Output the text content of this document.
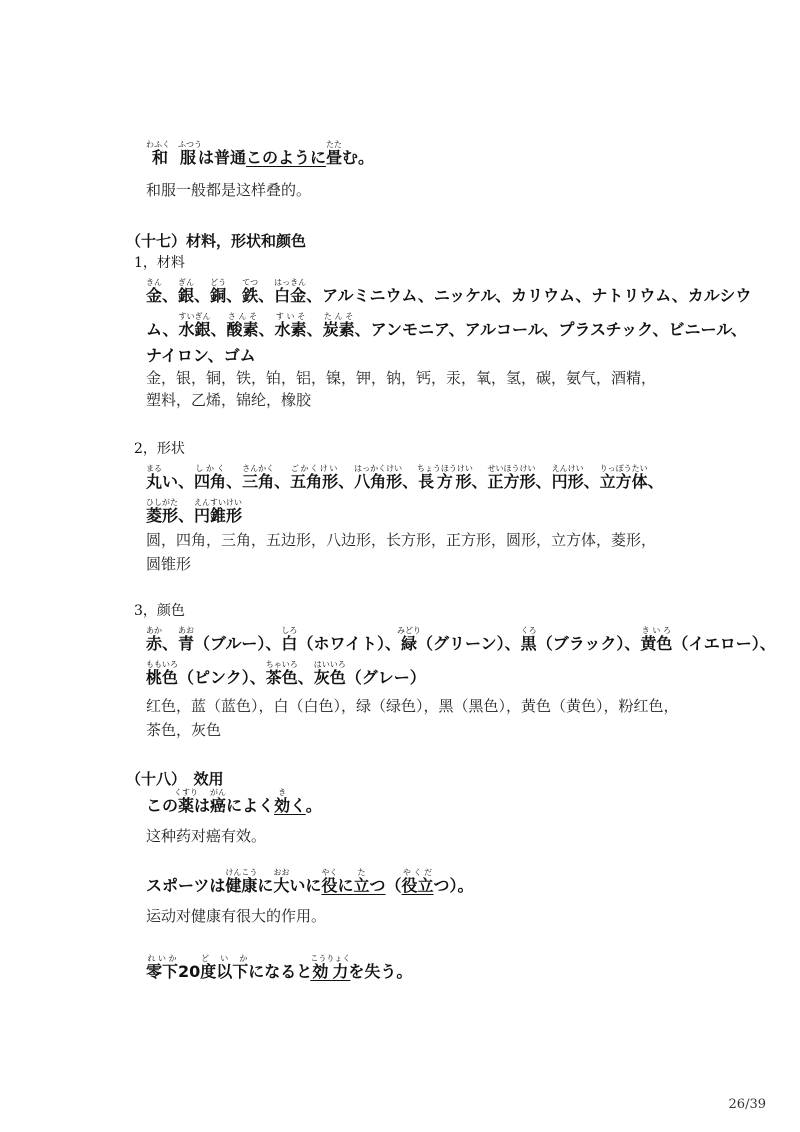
和服わふく　ふつうは普通このように畳たたむ。
和服一般都是这样叠的。
（十七）材料，形状和颜色
1，材料
金きん、銀ぎん、銅どう、鉄てつ、白金はっきん、アルミニウム、ニッケル、カリウム、ナトリウム、カルシウ
ム、水銀すいぎん、酸素さんそ、水素すいそ、炭素たんそ、アンモニア、アルコール、プラスチック、ビニール、
ナイロン、ゴム
金，银，铜，铁，铂，铝，镍，钾，钠，钙，汞，氧，氢，碳，氨气，酒精，
塑料，乙烯，锦纶，橡胶
2，形状
丸まるい、四角しかく、三角さんかく、五角形ごかくけい、八角形はっかくけい、長方形ちょうほうけい、正方形せいほうけい、円形えんけい、立方体りっぽうたい、
菱形ひしがた、円錐形えんすいけい
圆，四角，三角，五边形，八边形，长方形，正方形，圆形，立方体，菱形，
圆锥形
3，颜色
赤あか、青あお（ブルー）、白しろ（ホワイト）、緑みどり（グリーン）、黒くろ（ブラック）、黄色きいろ（イエロー）、
桃色ももいろ（ピンク）、茶色ちゃいろ、灰色はいいろ（グレー）
红色，蓝（蓝色），白（白色），绿（绿色），黑（黑色），黄色（黄色），粉红色，
茶色，灰色
（十八）　效用
この薬くすりは癌がんによく効きく。
这种药对癌有效。
スポーツは健康けんこうに大おおいに役やくに立たつ（役立やくだつ）。
运动对健康有很大的作用。
零下れいか20度以下ど　い　かになると効力こうりょくを失う。
26/39
